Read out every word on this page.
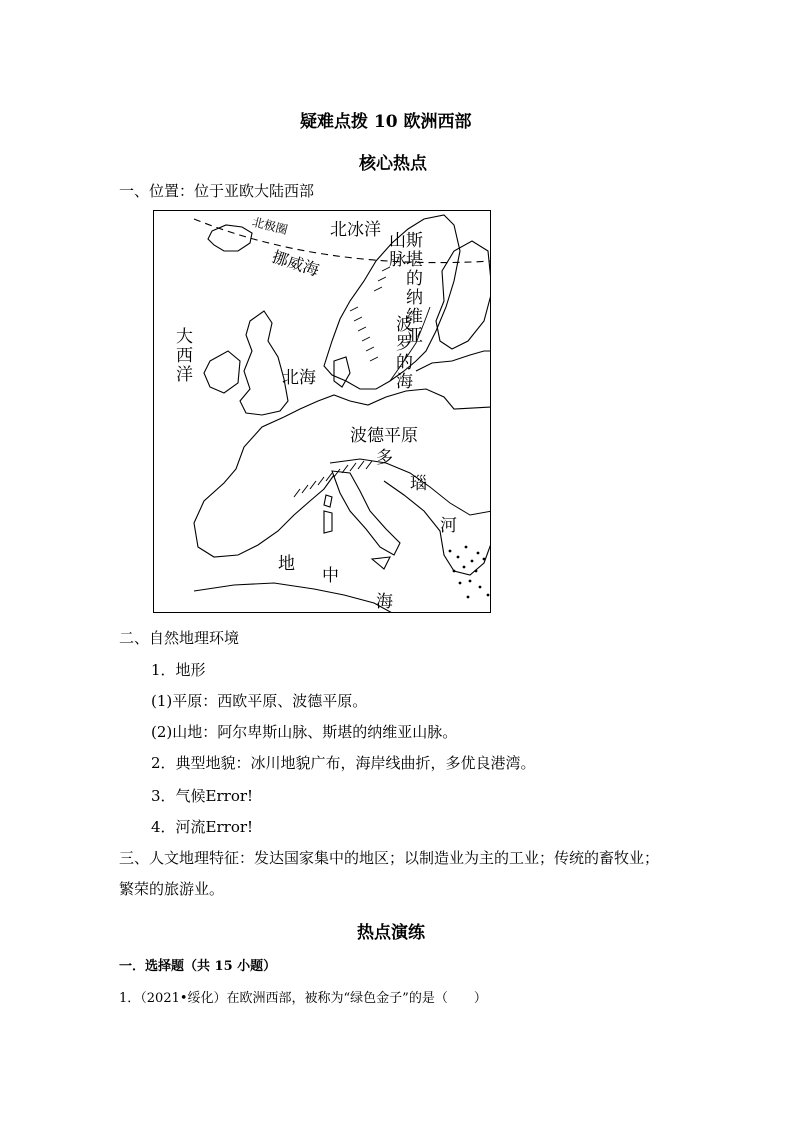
疑难点拨 10 欧洲西部
核心热点
一、位置：位于亚欧大陆西部
北极圈 北冰洋
挪威海
大西洋	北海
斯堪的纳维亚山脉
波罗的海
波德平原
多
瑙
河
地
中
海
二、自然地理环境
1．地形
(1)平原：西欧平原、波德平原。
(2)山地：阿尔卑斯山脉、斯堪的纳维亚山脉。
2．典型地貌：冰川地貌广布，海岸线曲折，多优良港湾。
3．气候Error!
4．河流Error!
三、人文地理特征：发达国家集中的地区；以制造业为主的工业；传统的畜牧业；
繁荣的旅游业。
热点演练
一．选择题（共 15 小题）
1．（2021•绥化）在欧洲西部，被称为“绿色金子”的是（　　）
